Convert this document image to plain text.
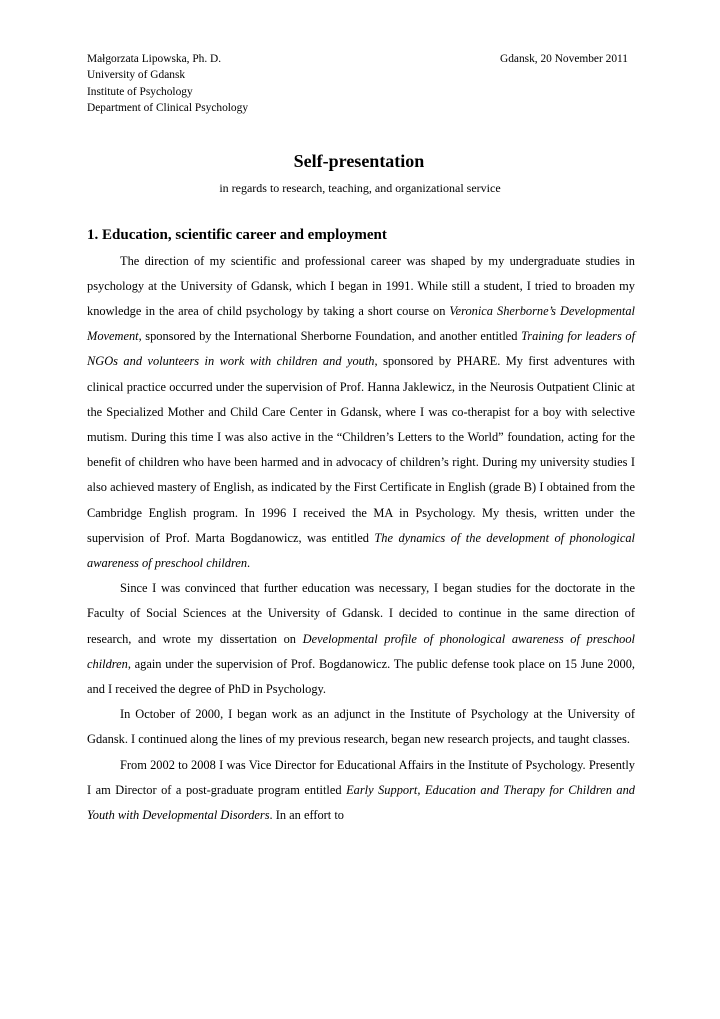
Małgorzata Lipowska, Ph. D.
University of Gdansk
Institute of Psychology
Department of Clinical Psychology
Gdansk, 20 November 2011
Self-presentation
in regards to research, teaching, and organizational service
1. Education, scientific career and employment

The direction of my scientific and professional career was shaped by my undergraduate studies in psychology at the University of Gdansk, which I began in 1991. While still a student, I tried to broaden my knowledge in the area of child psychology by taking a short course on Veronica Sherborne’s Developmental Movement, sponsored by the International Sherborne Foundation, and another entitled Training for leaders of NGOs and volunteers in work with children and youth, sponsored by PHARE. My first adventures with clinical practice occurred under the supervision of Prof. Hanna Jaklewicz, in the Neurosis Outpatient Clinic at the Specialized Mother and Child Care Center in Gdansk, where I was co-therapist for a boy with selective mutism. During this time I was also active in the “Children’s Letters to the World” foundation, acting for the benefit of children who have been harmed and in advocacy of children’s right. During my university studies I also achieved mastery of English, as indicated by the First Certificate in English (grade B) I obtained from the Cambridge English program. In 1996 I received the MA in Psychology. My thesis, written under the supervision of Prof. Marta Bogdanowicz, was entitled The dynamics of the development of phonological awareness of preschool children.

Since I was convinced that further education was necessary, I began studies for the doctorate in the Faculty of Social Sciences at the University of Gdansk. I decided to continue in the same direction of research, and wrote my dissertation on Developmental profile of phonological awareness of preschool children, again under the supervision of Prof. Bogdanowicz. The public defense took place on 15 June 2000, and I received the degree of PhD in Psychology.

In October of 2000, I began work as an adjunct in the Institute of Psychology at the University of Gdansk. I continued along the lines of my previous research, began new research projects, and taught classes.

From 2002 to 2008 I was Vice Director for Educational Affairs in the Institute of Psychology. Presently I am Director of a post-graduate program entitled Early Support, Education and Therapy for Children and Youth with Developmental Disorders. In an effort to
